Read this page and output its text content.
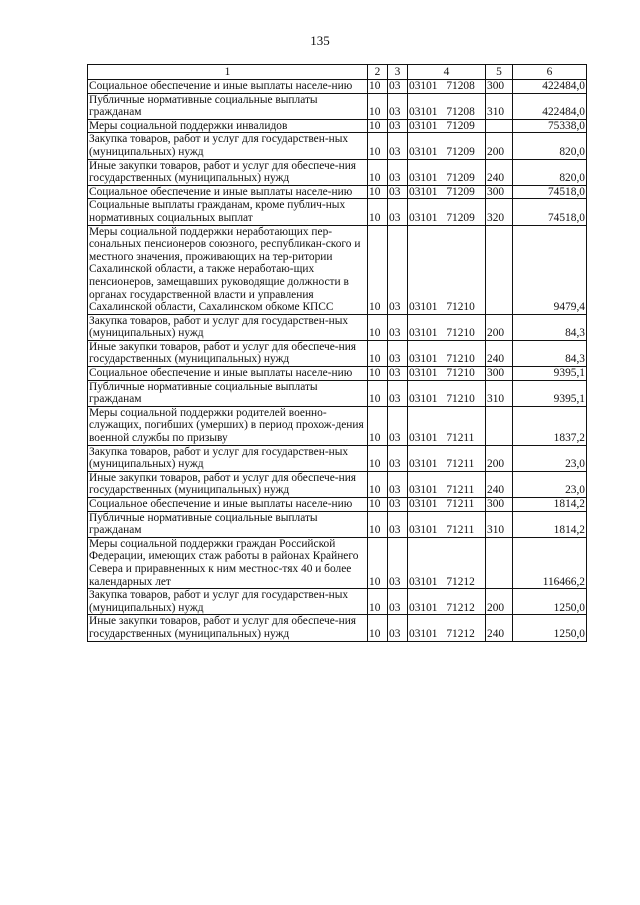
135
1	2	3	4	5	6
Социальное обеспечение и иные выплаты населе-нию	10	03	03101 71208	300	422484,0
Публичные нормативные социальные выплаты гражданам	10	03	03101 71208	310	422484,0
Меры социальной поддержки инвалидов	10	03	03101 71209		75338,0
Закупка товаров, работ и услуг для государствен-ных (муниципальных) нужд	10	03	03101 71209	200	820,0
Иные закупки товаров, работ и услуг для обеспече-ния государственных (муниципальных) нужд	10	03	03101 71209	240	820,0
Социальное обеспечение и иные выплаты населе-нию	10	03	03101 71209	300	74518,0
Социальные выплаты гражданам, кроме публич-ных нормативных социальных выплат	10	03	03101 71209	320	74518,0
Меры социальной поддержки неработающих пер-сональных пенсионеров союзного, республикан-ского и местного значения, проживающих на тер-ритории Сахалинской области, а также неработаю-щих пенсионеров, замещавших руководящие должности в органах государственной власти и управления Сахалинской области, Сахалинском обкоме КПСС	10	03	03101 71210		9479,4
Закупка товаров, работ и услуг для государствен-ных (муниципальных) нужд	10	03	03101 71210	200	84,3
Иные закупки товаров, работ и услуг для обеспече-ния государственных (муниципальных) нужд	10	03	03101 71210	240	84,3
Социальное обеспечение и иные выплаты населе-нию	10	03	03101 71210	300	9395,1
Публичные нормативные социальные выплаты гражданам	10	03	03101 71210	310	9395,1
Меры социальной поддержки родителей военно-служащих, погибших (умерших) в период прохож-дения военной службы по призыву	10	03	03101 71211		1837,2
Закупка товаров, работ и услуг для государствен-ных (муниципальных) нужд	10	03	03101 71211	200	23,0
Иные закупки товаров, работ и услуг для обеспече-ния государственных (муниципальных) нужд	10	03	03101 71211	240	23,0
Социальное обеспечение и иные выплаты населе-нию	10	03	03101 71211	300	1814,2
Публичные нормативные социальные выплаты гражданам	10	03	03101 71211	310	1814,2
Меры социальной поддержки граждан Российской Федерации, имеющих стаж работы в районах Крайнего Севера и приравненных к ним местнос-тях 40 и более календарных лет	10	03	03101 71212		116466,2
Закупка товаров, работ и услуг для государствен-ных (муниципальных) нужд	10	03	03101 71212	200	1250,0
Иные закупки товаров, работ и услуг для обеспече-ния государственных (муниципальных) нужд	10	03	03101 71212	240	1250,0
